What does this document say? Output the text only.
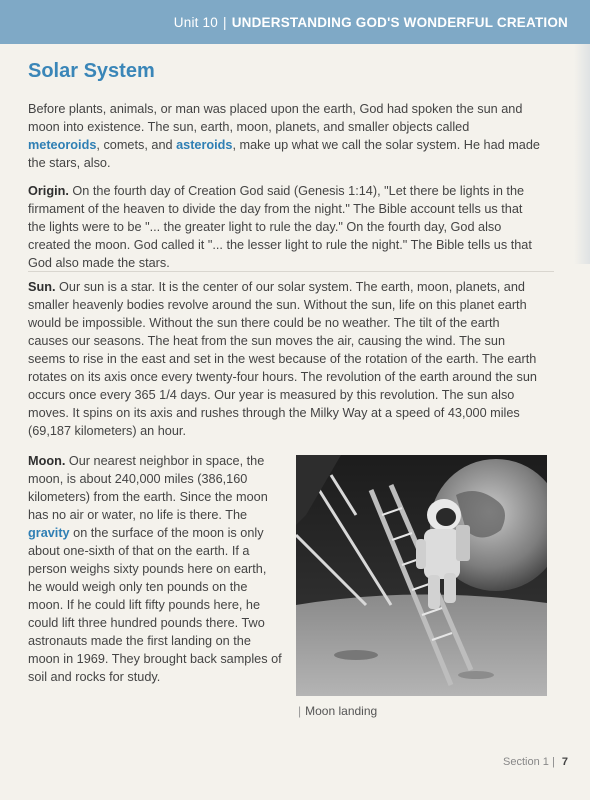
Unit 10 | UNDERSTANDING GOD'S WONDERFUL CREATION
Solar System

Before plants, animals, or man was placed upon the earth, God had spoken the sun and moon into existence. The sun, earth, moon, planets, and smaller objects called meteoroids, comets, and asteroids, make up what we call the solar system. He had made the stars, also.

Origin. On the fourth day of Creation God said (Genesis 1:14), "Let there be lights in the firmament of the heaven to divide the day from the night." The Bible account tells us that the lights were to be "... the greater light to rule the day." On the fourth day, God also created the moon. God called it "... the lesser light to rule the night." The Bible tells us that God also made the stars.

Sun. Our sun is a star. It is the center of our solar system. The earth, moon, planets, and smaller heavenly bodies revolve around the sun. Without the sun, life on this planet earth would be impossible. Without the sun there could be no weather. The tilt of the earth causes our seasons. The heat from the sun moves the air, causing the wind. The sun seems to rise in the east and set in the west because of the rotation of the earth. The earth rotates on its axis once every twenty-four hours. The revolution of the earth around the sun occurs once every 365 1/4 days. Our year is measured by this revolution. The sun also moves. It spins on its axis and rushes through the Milky Way at a speed of 43,000 miles (69,187 kilometers) an hour.

Moon. Our nearest neighbor in space, the moon, is about 240,000 miles (386,160 kilometers) from the earth. Since the moon has no air or water, no life is there. The gravity on the surface of the moon is only about one-sixth of that on the earth. If a person weighs sixty pounds here on earth, he would weigh only ten pounds on the moon. If he could lift fifty pounds here, he could lift three hundred pounds there. Two astronauts made the first landing on the moon in 1969. They brought back samples of soil and rocks for study.

| Moon landing
Section 1 | 7
